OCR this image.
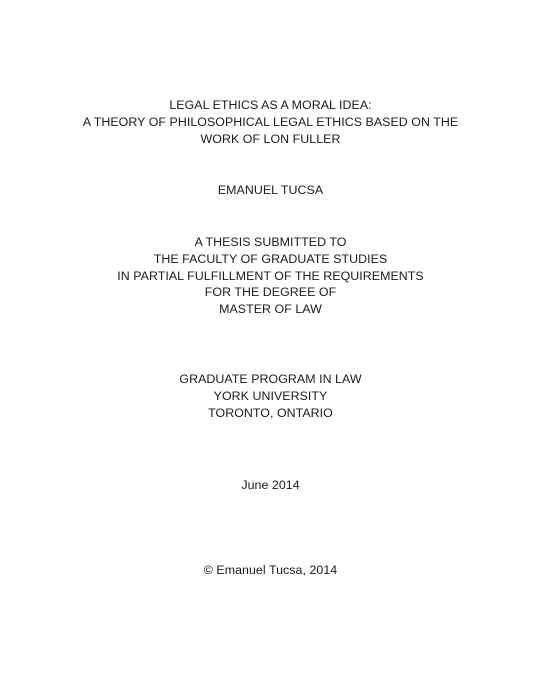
LEGAL ETHICS AS A MORAL IDEA:
A THEORY OF PHILOSOPHICAL LEGAL ETHICS BASED ON THE
WORK OF LON FULLER
EMANUEL TUCSA
A THESIS SUBMITTED TO
THE FACULTY OF GRADUATE STUDIES
IN PARTIAL FULFILLMENT OF THE REQUIREMENTS
FOR THE DEGREE OF
MASTER OF LAW
GRADUATE PROGRAM IN LAW
YORK UNIVERSITY
TORONTO, ONTARIO
June 2014
© Emanuel Tucsa, 2014
